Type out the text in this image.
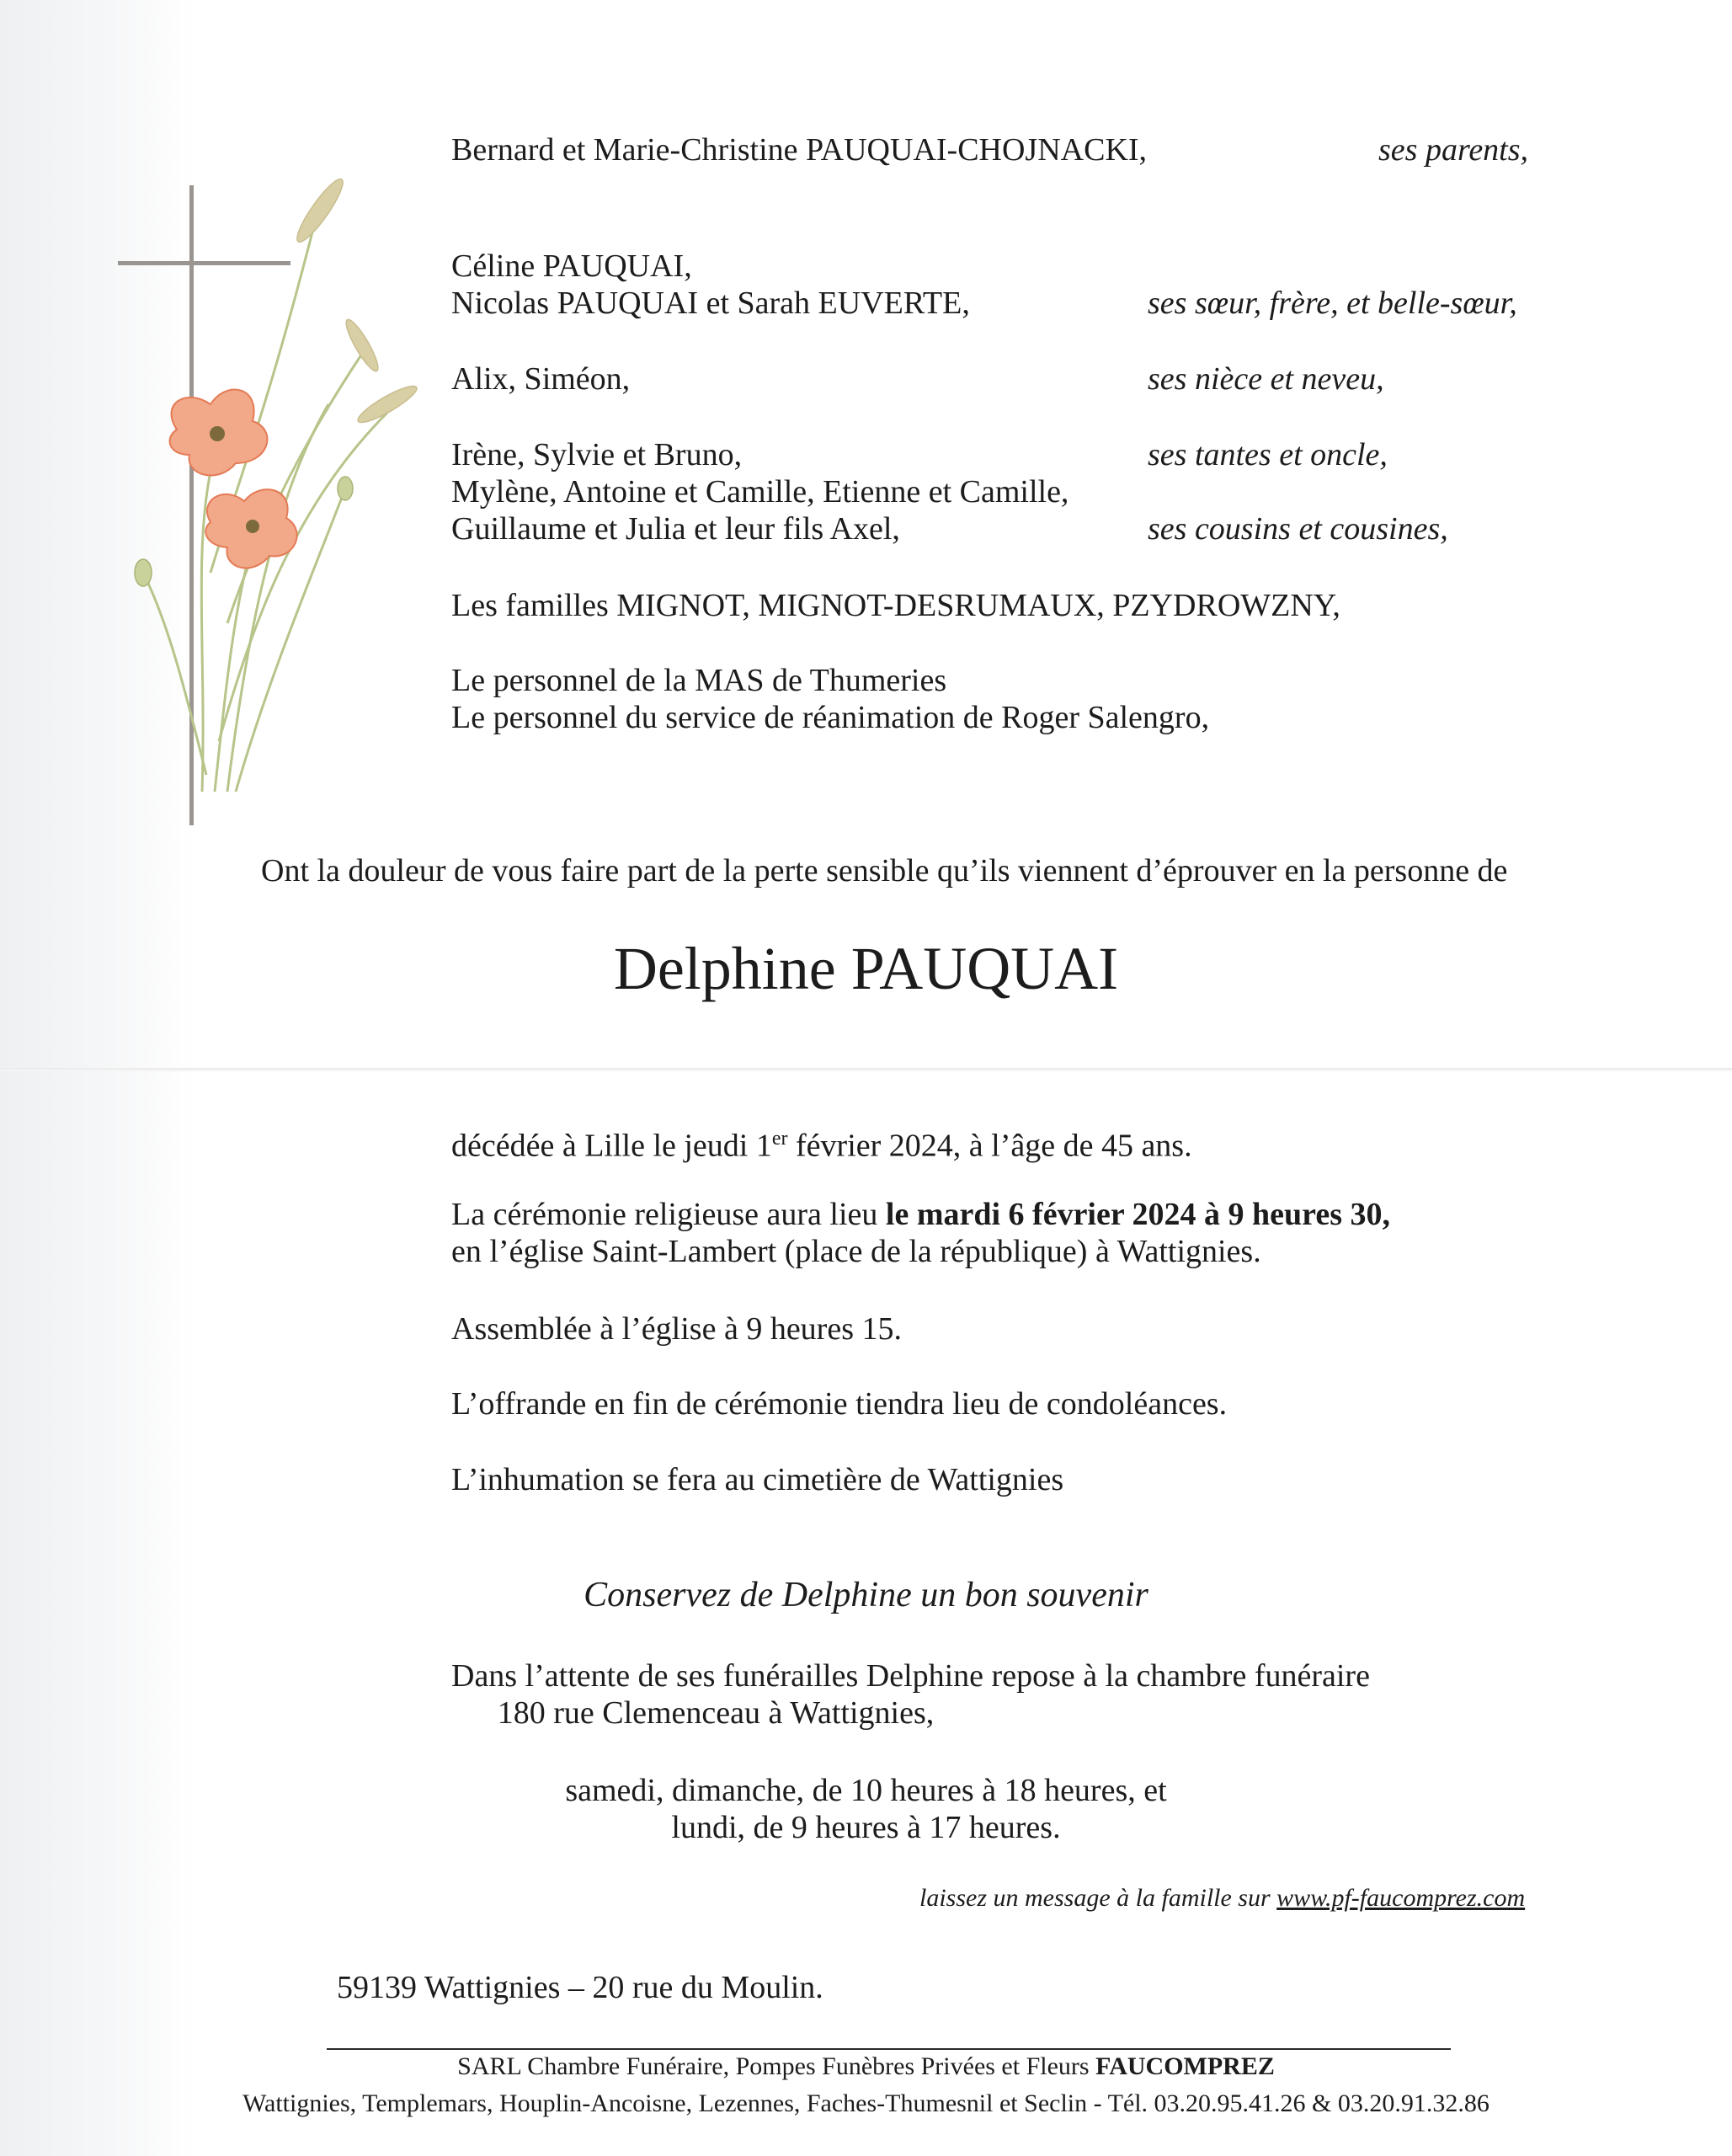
Bernard et Marie-Christine PAUQUAI-CHOJNACKI,	ses parents,
Céline PAUQUAI,
Nicolas PAUQUAI et Sarah EUVERTE,	ses sœur, frère, et belle-sœur,
Alix, Siméon,	ses nièce et neveu,
Irène, Sylvie et Bruno,	ses tantes et oncle,
Mylène, Antoine et Camille, Etienne et Camille,
Guillaume et Julia et leur fils Axel,	ses cousins et cousines,
Les familles MIGNOT, MIGNOT-DESRUMAUX, PZYDROWZNY,
Le personnel de la MAS de Thumeries
Le personnel du service de réanimation de Roger Salengro,
Ont la douleur de vous faire part de la perte sensible qu’ils viennent d’éprouver en la personne de
Delphine PAUQUAI
décédée à Lille le jeudi 1er février 2024, à l’âge de 45 ans.
La cérémonie religieuse aura lieu le mardi 6 février 2024 à 9 heures 30,
en l’église Saint-Lambert (place de la république) à Wattignies.
Assemblée à l’église à 9 heures 15.
L’offrande en fin de cérémonie tiendra lieu de condoléances.
L’inhumation se fera au cimetière de Wattignies
Conservez de Delphine un bon souvenir
Dans l’attente de ses funérailles Delphine repose à la chambre funéraire
180 rue Clemenceau à Wattignies,
samedi, dimanche, de 10 heures à 18 heures, et
lundi, de 9 heures à 17 heures.
laissez un message à la famille sur www.pf-faucomprez.com
59139 Wattignies – 20 rue du Moulin.
SARL Chambre Funéraire, Pompes Funèbres Privées et Fleurs FAUCOMPREZ
Wattignies, Templemars, Houplin-Ancoisne, Lezennes, Faches-Thumesnil et Seclin - Tél. 03.20.95.41.26 & 03.20.91.32.86
